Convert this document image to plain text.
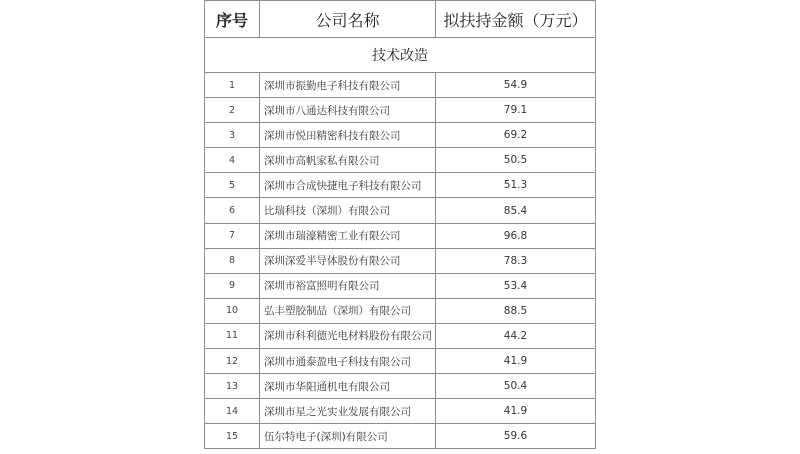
序号	公司名称	拟扶持金额（万元）
技术改造		
1	深圳市振勤电子科技有限公司	54.9
2	深圳市八通达科技有限公司	79.1
3	深圳市悦田精密科技有限公司	69.2
4	深圳市高帆家私有限公司	50.5
5	深圳市合成快捷电子科技有限公司	51.3
6	比瑞科技（深圳）有限公司	85.4
7	深圳市瑞濠精密工业有限公司	96.8
8	深圳深爱半导体股份有限公司	78.3
9	深圳市裕富照明有限公司	53.4
10	弘丰塑胶制品（深圳）有限公司	88.5
11	深圳市科利德光电材料股份有限公司	44.2
12	深圳市通泰盈电子科技有限公司	41.9
13	深圳市华阳通机电有限公司	50.4
14	深圳市星之光实业发展有限公司	41.9
15	伍尔特电子(深圳)有限公司	59.6
